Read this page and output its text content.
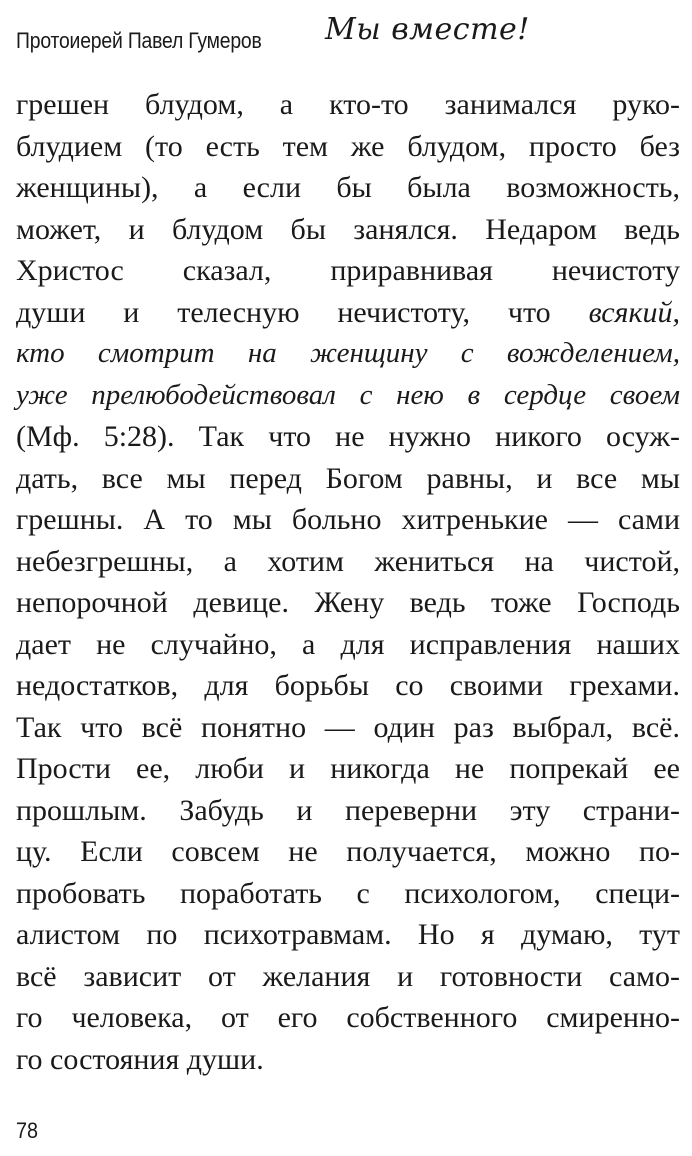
Протоиерей Павел Гумеров Мы вместе!
грешен блудом, а кто-то занимался руко-
блудием (то есть тем же блудом, просто без
женщины), а если бы была возможность,
может, и блудом бы занялся. Недаром ведь
Христос сказал, приравнивая нечистоту
души и телесную нечистоту, что всякий,
кто смотрит на женщину с вожделением,
уже прелюбодействовал с нею в сердце своем
(Мф. 5:28). Так что не нужно никого осуж-
дать, все мы перед Богом равны, и все мы
грешны. А то мы больно хитренькие — сами
небезгрешны, а хотим жениться на чистой,
непорочной девице. Жену ведь тоже Господь
дает не случайно, а для исправления наших
недостатков, для борьбы со своими грехами.
Так что всё понятно — один раз выбрал, всё.
Прости ее, люби и никогда не попрекай ее
прошлым. Забудь и переверни эту страни-
цу. Если совсем не получается, можно по-
пробовать поработать с психологом, специ-
алистом по психотравмам. Но я думаю, тут
всё зависит от желания и готовности само-
го человека, от его собственного смиренно-
го состояния души.
78
